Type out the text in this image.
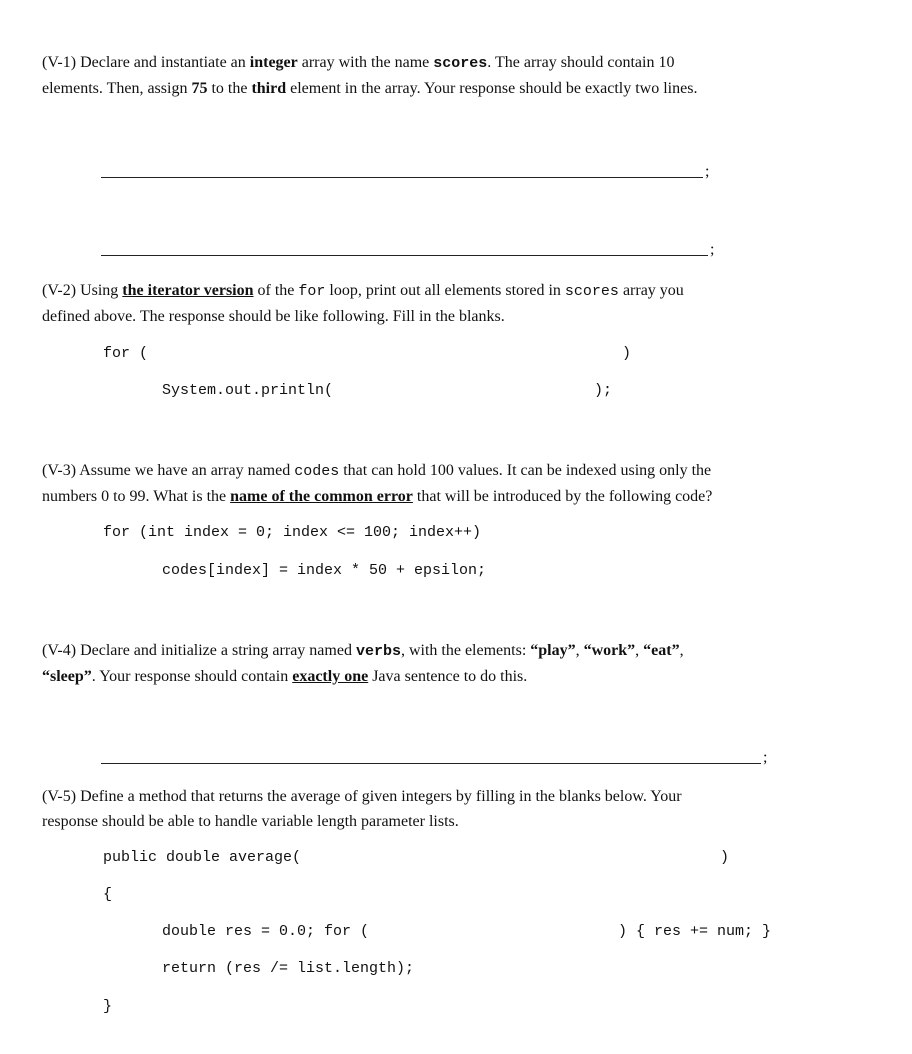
(V-1) Declare and instantiate an integer array with the name scores. The array should contain 10
elements. Then, assign 75 to the third element in the array. Your response should be exactly two lines.
;
;
(V-2) Using the iterator version of the for loop, print out all elements stored in scores array you
defined above. The response should be like following. Fill in the blanks.
for (	)
System.out.println(	);
(V-3) Assume we have an array named codes that can hold 100 values. It can be indexed using only the
numbers 0 to 99. What is the name of the common error that will be introduced by the following code?
for (int index = 0; index <= 100; index++)
codes[index] = index * 50 + epsilon;
(V-4) Declare and initialize a string array named verbs, with the elements: “play”, “work”, “eat”,
“sleep”. Your response should contain exactly one Java sentence to do this.
;
(V-5) Define a method that returns the average of given integers by filling in the blanks below. Your
response should be able to handle variable length parameter lists.
public double average(	)
{
double res = 0.0; for (	) { res += num; }
return (res /= list.length);
}
